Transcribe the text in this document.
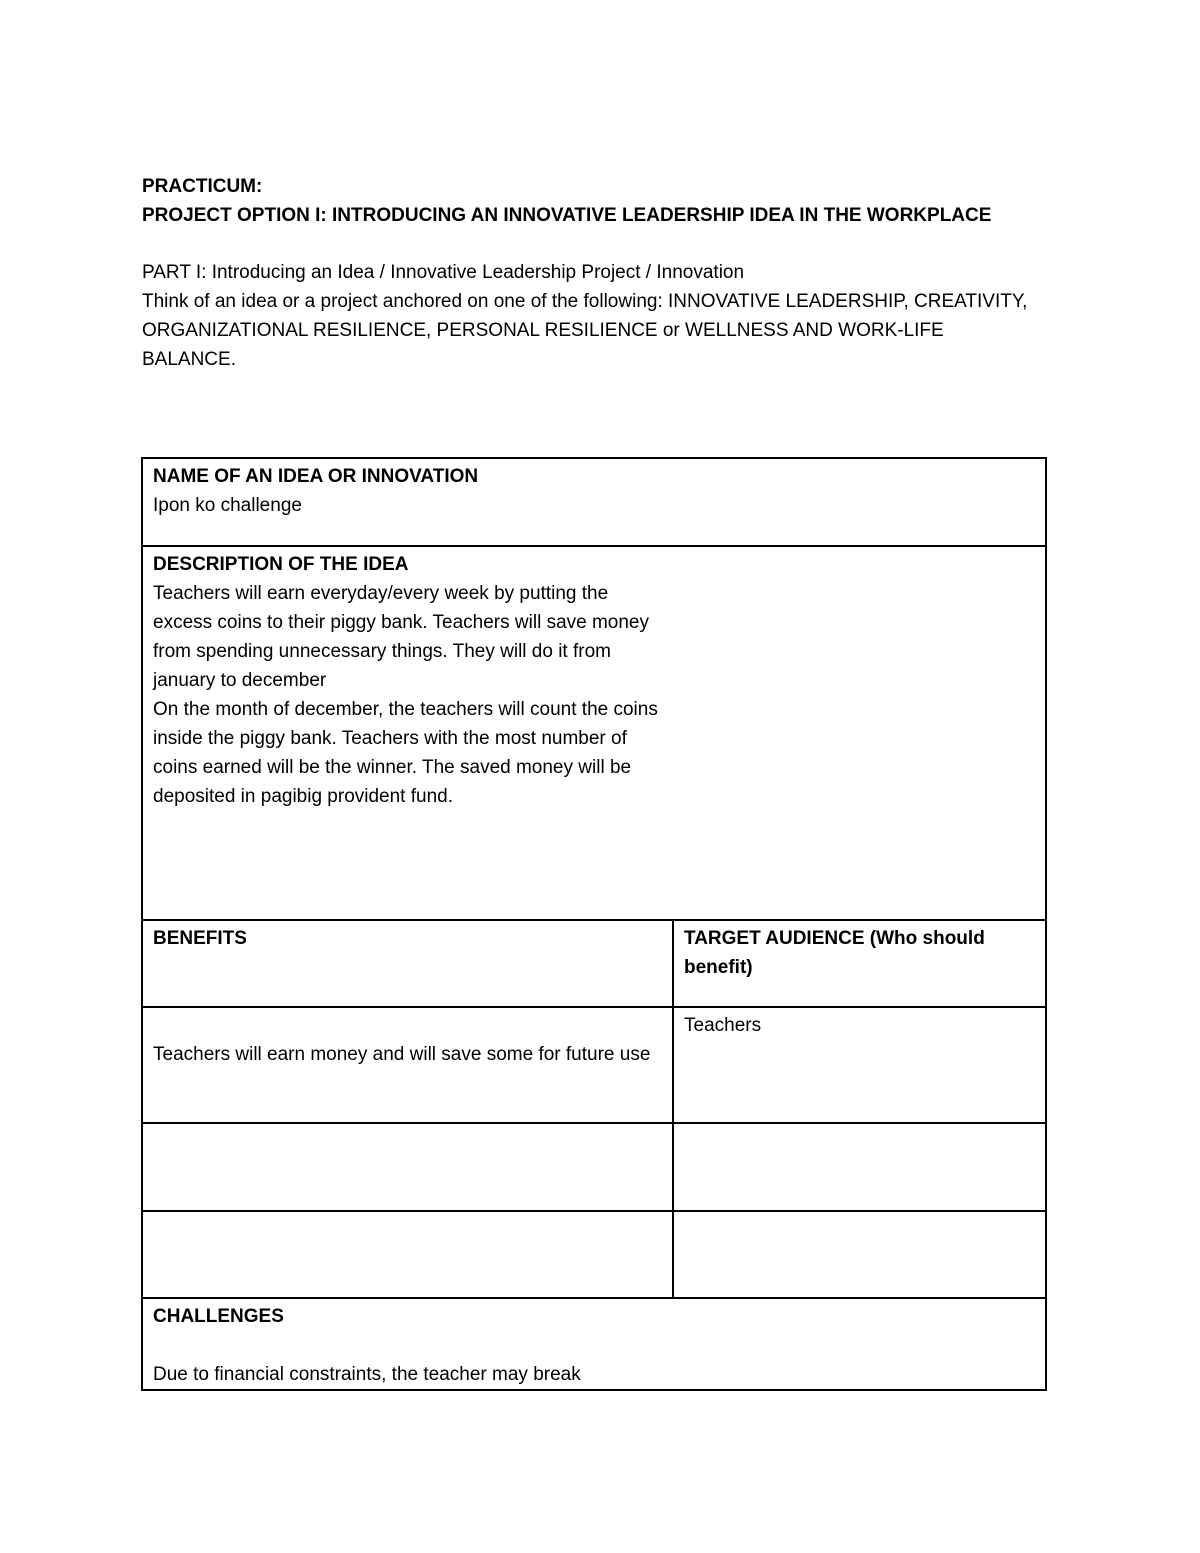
PRACTICUM:
PROJECT OPTION I: INTRODUCING AN INNOVATIVE LEADERSHIP IDEA IN THE WORKPLACE
PART I: Introducing an Idea / Innovative Leadership Project / Innovation
Think of an idea or a project anchored on one of the following: INNOVATIVE LEADERSHIP, CREATIVITY, ORGANIZATIONAL RESILIENCE, PERSONAL RESILIENCE or WELLNESS AND WORK-LIFE BALANCE.
NAME OF AN IDEA OR INNOVATION
Ipon ko challenge	

DESCRIPTION OF THE IDEA
Teachers will earn everyday/every week by putting the excess coins to their piggy bank. Teachers will save money from spending unnecessary things. They will do it from january to december
On the month of december, the teachers will count the coins inside the piggy bank. Teachers with the most number of coins earned will be the winner. The saved money will be deposited in pagibig provident fund.	

BENEFITS	TARGET AUDIENCE (Who should benefit)

Teachers will earn money and will save some for future use	Teachers

CHALLENGES
Due to financial constraints, the teacher may break	
